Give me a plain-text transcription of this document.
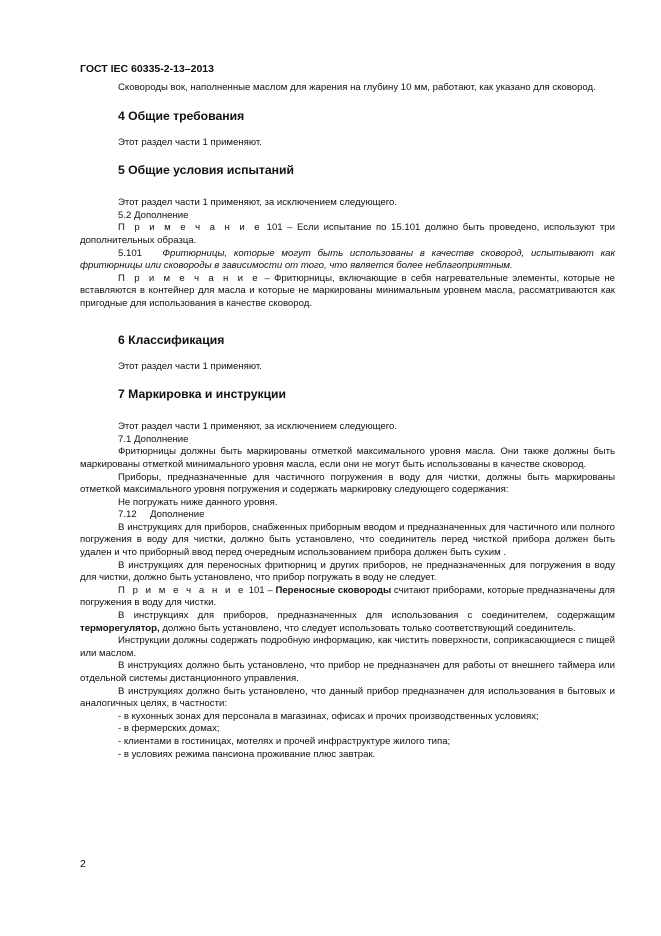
ГОСТ IEC 60335-2-13–2013

Сковороды вок, наполненные маслом для жарения на глубину 10 мм, работают, как указано для сковород.

4 Общие требования

Этот раздел части 1 применяют.

5 Общие условия испытаний

Этот раздел части 1 применяют, за исключением следующего.

5.2 Дополнение

П р и м е ч а н и е 101 – Если испытание по 15.101 должно быть проведено, используют три дополнительных образца.

5.101 Фритюрницы, которые могут быть использованы в качестве сковород, испытывают как фритюрницы или сковороды в зависимости от того, что является более неблагоприятным.

П р и м е ч а н и е – Фритюрницы, включающие в себя нагревательные элементы, которые не вставляются в контейнер для масла и которые не маркированы минимальным уровнем масла, рассматриваются как пригодные для использования в качестве сковород.

6 Классификация

Этот раздел части 1 применяют.

7 Маркировка и инструкции

Этот раздел части 1 применяют, за исключением следующего.

7.1 Дополнение

Фритюрницы должны быть маркированы отметкой максимального уровня масла. Они также должны быть маркированы отметкой минимального уровня масла, если они не могут быть использованы в качестве сковород.

Приборы, предназначенные для частичного погружения в воду для чистки, должны быть маркированы отметкой максимального уровня погружения и содержать маркировку следующего содержания:

Не погружать ниже данного уровня.

7.12     Дополнение

В инструкциях для приборов, снабженных приборным вводом и предназначенных для частичного или полного погружения в воду для чистки, должно быть установлено, что соединитель перед чисткой прибора должен быть удален и что приборный ввод перед очередным использованием прибора должен быть сухим .

В инструкциях для переносных фритюрниц и других приборов, не предназначенных для погружения в воду для чистки, должно быть установлено, что прибор погружать в воду не следует.

П р и м е ч а н и е 101 – Переносные сковороды считают приборами, которые предназначены для погружения в воду для чистки.

В инструкциях для приборов, предназначенных для использования с соединителем, содержащим терморегулятор, должно быть установлено, что следует использовать только соответствующий соединитель.

Инструкции должны содержать подробную информацию, как чистить поверхности, соприкасающиеся с пищей или маслом.

В инструкциях должно быть установлено, что прибор не предназначен для работы от внешнего таймера или отдельной системы дистанционного управления.

В инструкциях должно быть установлено, что данный прибор предназначен для использования в бытовых и аналогичных целях, в частности:

- в кухонных зонах для персонала в магазинах, офисах и прочих производственных условиях;

- в фермерских домах;

- клиентами в гостиницах, мотелях и прочей инфраструктуре жилого типа;

- в условиях режима пансиона проживание плюс завтрак.

2
